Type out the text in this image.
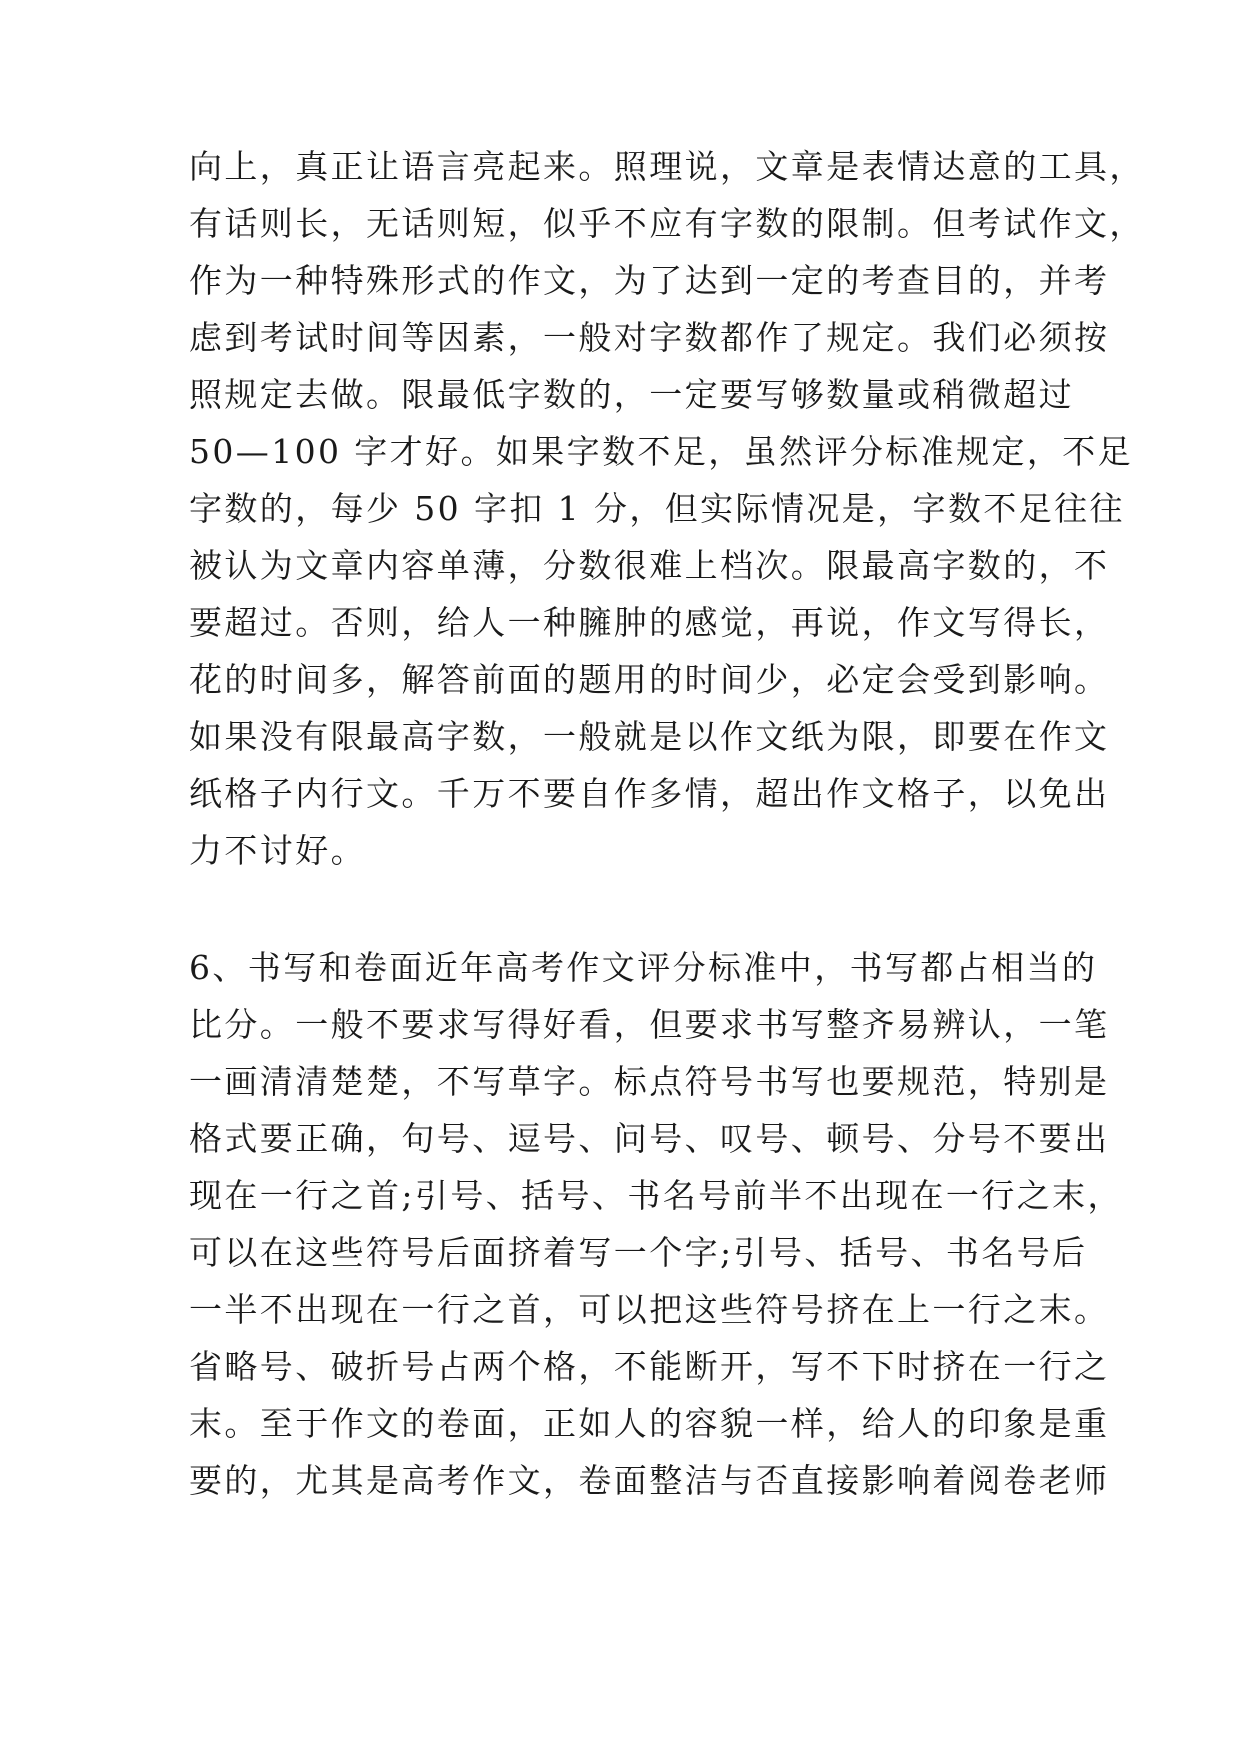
向上，真正让语言亮起来。照理说，文章是表情达意的工具，
有话则长，无话则短，似乎不应有字数的限制。但考试作文，
作为一种特殊形式的作文，为了达到一定的考查目的，并考
虑到考试时间等因素，一般对字数都作了规定。我们必须按
照规定去做。限最低字数的，一定要写够数量或稍微超过
50—100 字才好。如果字数不足，虽然评分标准规定，不足
字数的，每少 50 字扣 1 分，但实际情况是，字数不足往往
被认为文章内容单薄，分数很难上档次。限最高字数的，不
要超过。否则，给人一种臃肿的感觉，再说，作文写得长，
花的时间多，解答前面的题用的时间少，必定会受到影响。
如果没有限最高字数，一般就是以作文纸为限，即要在作文
纸格子内行文。千万不要自作多情，超出作文格子，以免出
力不讨好。
6、书写和卷面近年高考作文评分标准中，书写都占相当的
比分。一般不要求写得好看，但要求书写整齐易辨认，一笔
一画清清楚楚，不写草字。标点符号书写也要规范，特别是
格式要正确，句号、逗号、问号、叹号、顿号、分号不要出
现在一行之首;引号、括号、书名号前半不出现在一行之末，
可以在这些符号后面挤着写一个字;引号、括号、书名号后
一半不出现在一行之首，可以把这些符号挤在上一行之末。
省略号、破折号占两个格，不能断开，写不下时挤在一行之
末。至于作文的卷面，正如人的容貌一样，给人的印象是重
要的，尤其是高考作文，卷面整洁与否直接影响着阅卷老师
